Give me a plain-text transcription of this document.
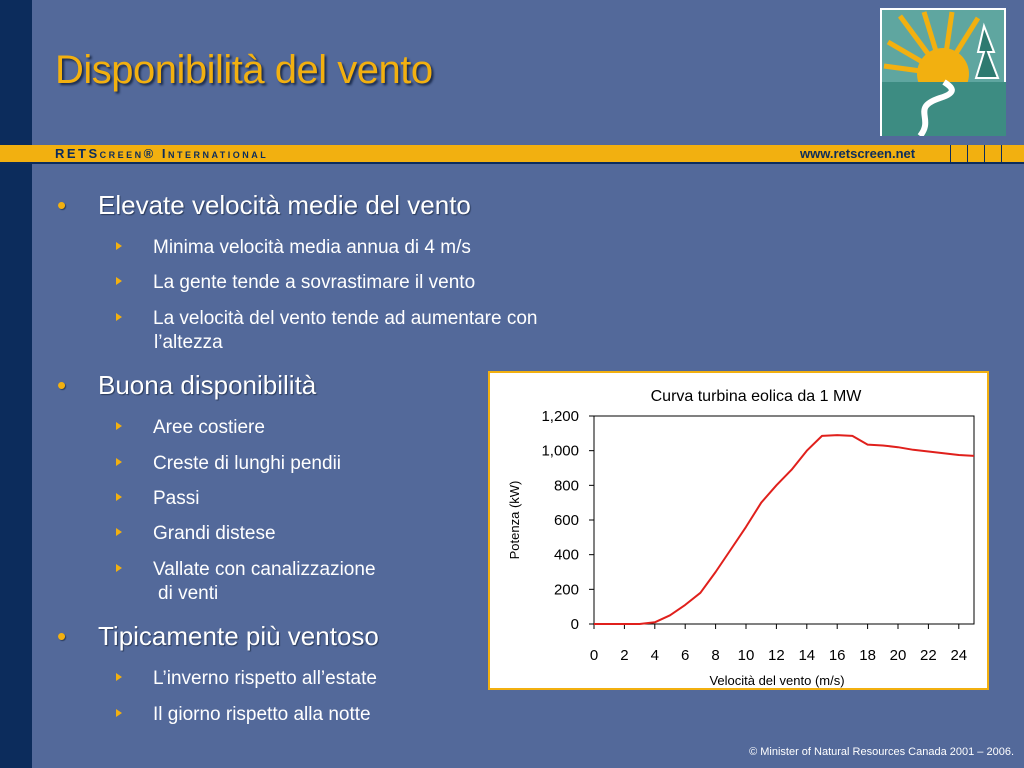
Disponibilità del vento
RETScreen® International	www.retscreen.net
• Elevate velocità medie del vento
Minima velocità media annua di 4 m/s
La gente tende a sovrastimare il vento
La velocità del vento tende ad aumentare con
l’altezza
• Buona disponibilità
Aree costiere
Creste di lunghi pendii
Passi
Grandi distese
Vallate con canalizzazione
di venti
• Tipicamente più ventoso
L’inverno rispetto all’estate
Il giorno rispetto alla notte
Curva turbina eolica da 1 MW
0
200
400
600
800
1,000
1,200
0 2 4 6 8 10 12 14 16 18 20 22 24
Potenza (kW)
Velocità del vento (m/s)
© Minister of Natural Resources Canada 2001 – 2006.
